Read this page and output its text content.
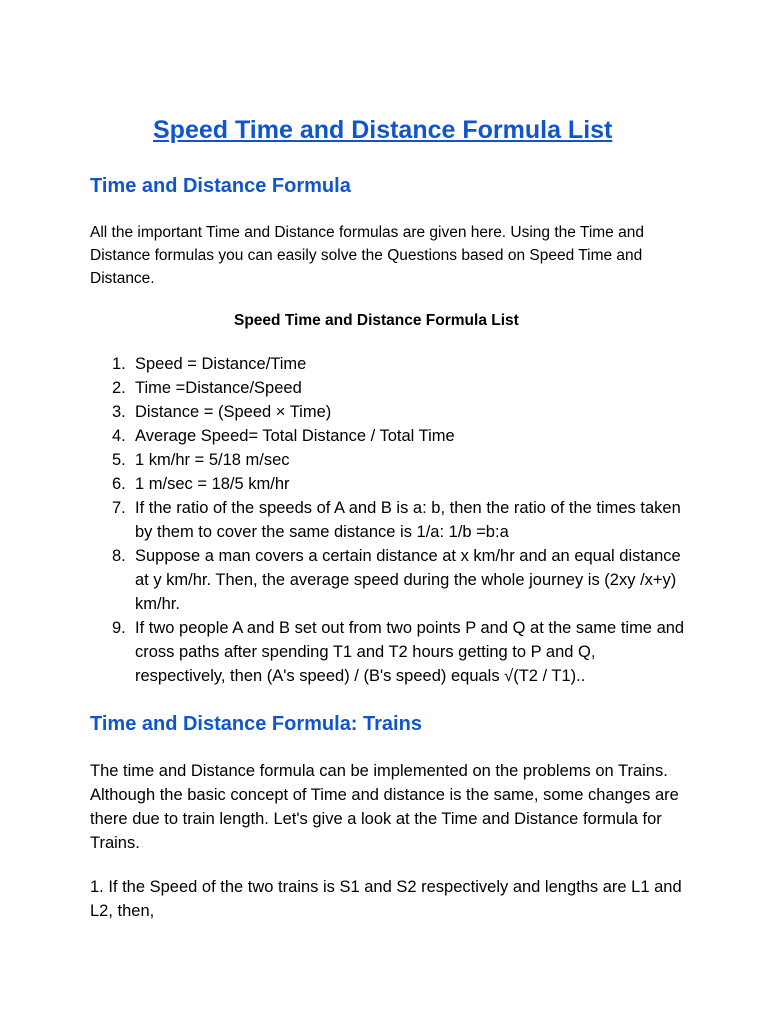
Speed Time and Distance Formula List
Time and Distance Formula

All the important Time and Distance formulas are given here. Using the Time and Distance formulas you can easily solve the Questions based on Speed Time and Distance.

Speed Time and Distance Formula List

1. Speed = Distance/Time
2. Time =Distance/Speed
3. Distance = (Speed × Time)
4. Average Speed= Total Distance / Total Time
5. 1 km/hr = 5/18 m/sec
6. 1 m/sec = 18/5 km/hr
7. If the ratio of the speeds of A and B is a: b, then the ratio of the times taken by them to cover the same distance is 1/a: 1/b =b:a
8. Suppose a man covers a certain distance at x km/hr and an equal distance at y km/hr. Then, the average speed during the whole journey is (2xy /x+y) km/hr.
9. If two people A and B set out from two points P and Q at the same time and cross paths after spending T1 and T2 hours getting to P and Q, respectively, then (A's speed) / (B's speed) equals √(T2 / T1)..
Time and Distance Formula: Trains

The time and Distance formula can be implemented on the problems on Trains. Although the basic concept of Time and distance is the same, some changes are there due to train length. Let's give a look at the Time and Distance formula for Trains.

1. If the Speed of the two trains is S1 and S2 respectively and lengths are L1 and L2, then,
